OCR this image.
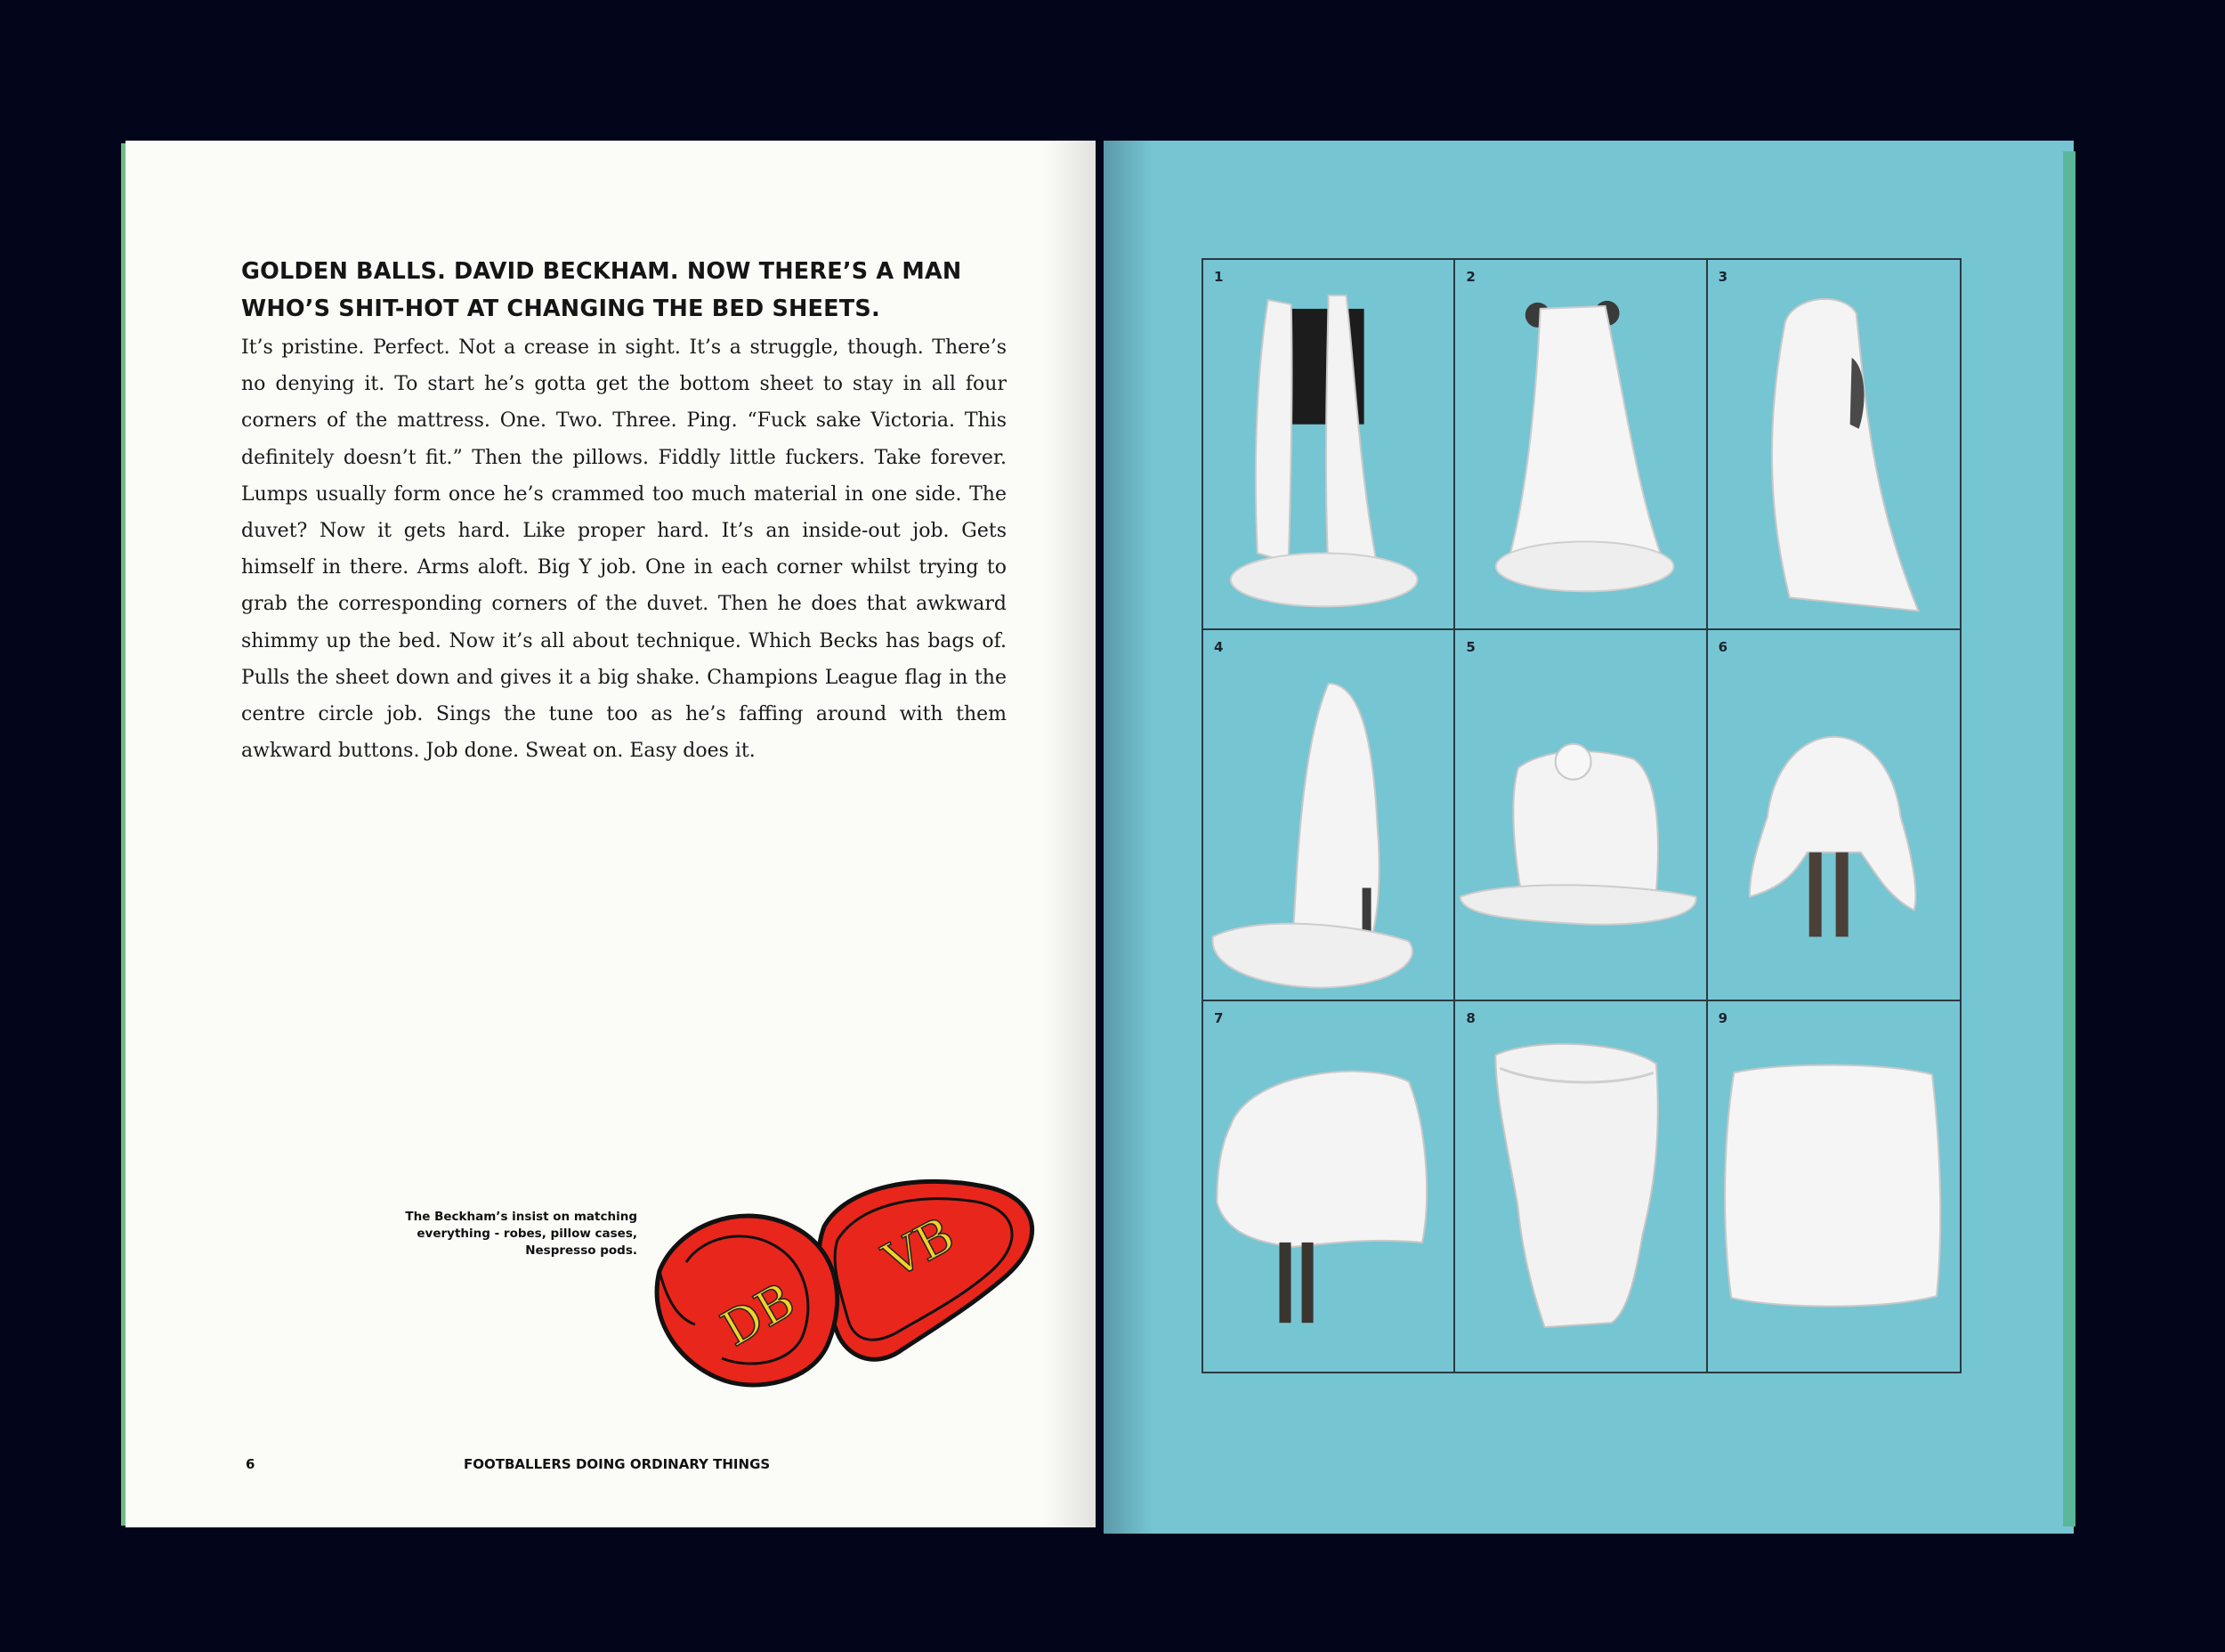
GOLDEN BALLS. DAVID BECKHAM. NOW THERE’S A MAN WHO’S SHIT-HOT AT CHANGING THE BED SHEETS.

It’s pristine. Perfect. Not a crease in sight. It’s a struggle, though. There’s no denying it. To start he’s gotta get the bottom sheet to stay in all four corners of the mattress. One. Two. Three. Ping. “Fuck sake Victoria. This definitely doesn’t fit.” Then the pillows. Fiddly little fuckers. Take forever. Lumps usually form once he’s crammed too much material in one side. The duvet? Now it gets hard. Like proper hard. It’s an inside-out job. Gets himself in there. Arms aloft. Big Y job. One in each corner whilst trying to grab the corresponding corners of the duvet. Then he does that awkward shimmy up the bed. Now it’s all about technique. Which Becks has bags of. Pulls the sheet down and gives it a big shake. Champions League flag in the centre circle job. Sings the tune too as he’s faffing around with them awkward buttons. Job done. Sweat on. Easy does it.

The Beckham’s insist on matching everything - robes, pillow cases, Nespresso pods.	VB
DB
6	FOOTBALLERS DOING ORDINARY THINGS
1	2	3
4	5	6
7	8	9
